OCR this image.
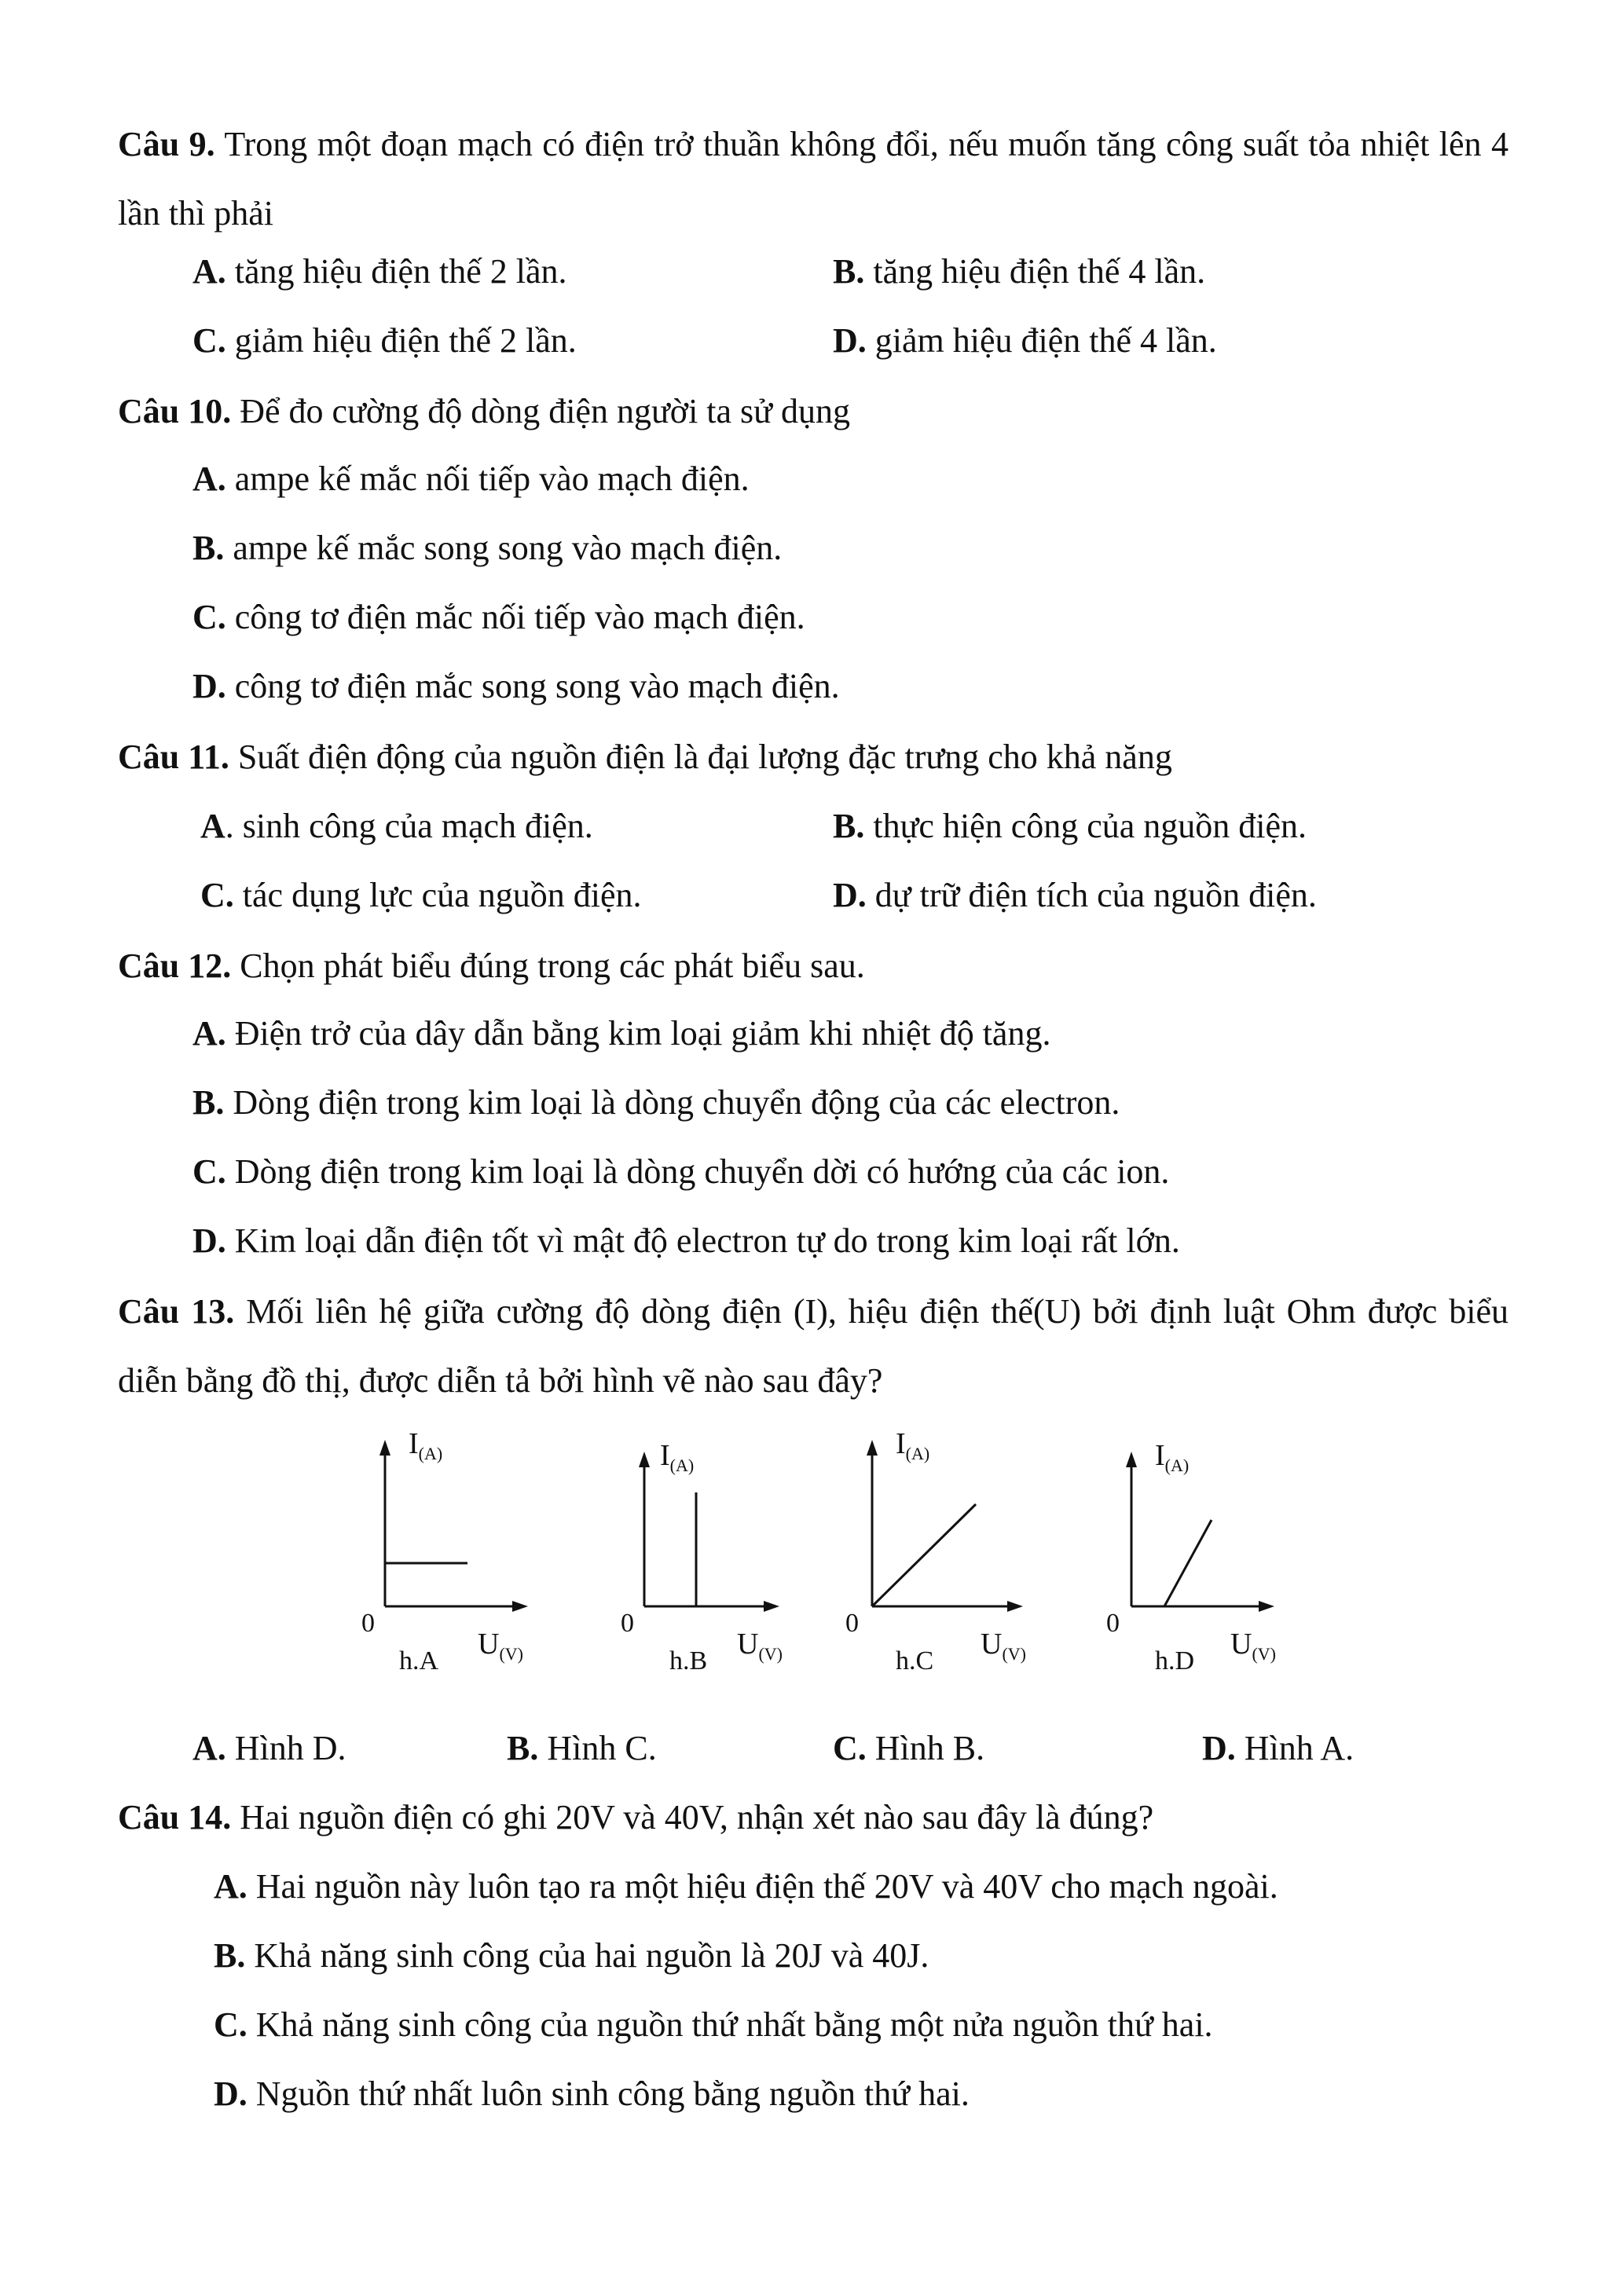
Câu 9. Trong một đoạn mạch có điện trở thuần không đổi, nếu muốn tăng công suất tỏa nhiệt lên 4 lần thì phải
A. tăng hiệu điện thế 2 lần.	B. tăng hiệu điện thế 4 lần.
C. giảm hiệu điện thế 2 lần.	D. giảm hiệu điện thế 4 lần.
Câu 10. Để đo cường độ dòng điện người ta sử dụng
A. ampe kế mắc nối tiếp vào mạch điện.
B. ampe kế mắc song song vào mạch điện.
C. công tơ điện mắc nối tiếp vào mạch điện.
D. công tơ điện mắc song song vào mạch điện.
Câu 11. Suất điện động của nguồn điện là đại lượng đặc trưng cho khả năng
A. sinh công của mạch điện.	B. thực hiện công của nguồn điện.
C. tác dụng lực của nguồn điện.	D. dự trữ điện tích của nguồn điện.
Câu 12. Chọn phát biểu đúng trong các phát biểu sau.
A. Điện trở của dây dẫn bằng kim loại giảm khi nhiệt độ tăng.
B. Dòng điện trong kim loại là dòng chuyển động của các electron.
C. Dòng điện trong kim loại là dòng chuyển dời có hướng của các ion.
D. Kim loại dẫn điện tốt vì mật độ electron tự do trong kim loại rất lớn.
Câu 13. Mối liên hệ giữa cường độ dòng điện (I), hiệu điện thế(U) bởi định luật Ohm được biểu diễn bằng đồ thị, được diễn tả bởi hình vẽ nào sau đây?
$I_{(A)}$
0
$U_{(V)}$
h.A
$I_{(A)}$
0
$U_{(V)}$
h.B
$I_{(A)}$
0
$U_{(V)}$
h.C
$I_{(A)}$
0
$U_{(V)}$
h.D
A. Hình D.	B. Hình C.	C. Hình B.	D. Hình A.
Câu 14. Hai nguồn điện có ghi 20V và 40V, nhận xét nào sau đây là đúng?
A. Hai nguồn này luôn tạo ra một hiệu điện thế 20V và 40V cho mạch ngoài.
B. Khả năng sinh công của hai nguồn là 20J và 40J.
C. Khả năng sinh công của nguồn thứ nhất bằng một nửa nguồn thứ hai.
D. Nguồn thứ nhất luôn sinh công bằng nguồn thứ hai.
